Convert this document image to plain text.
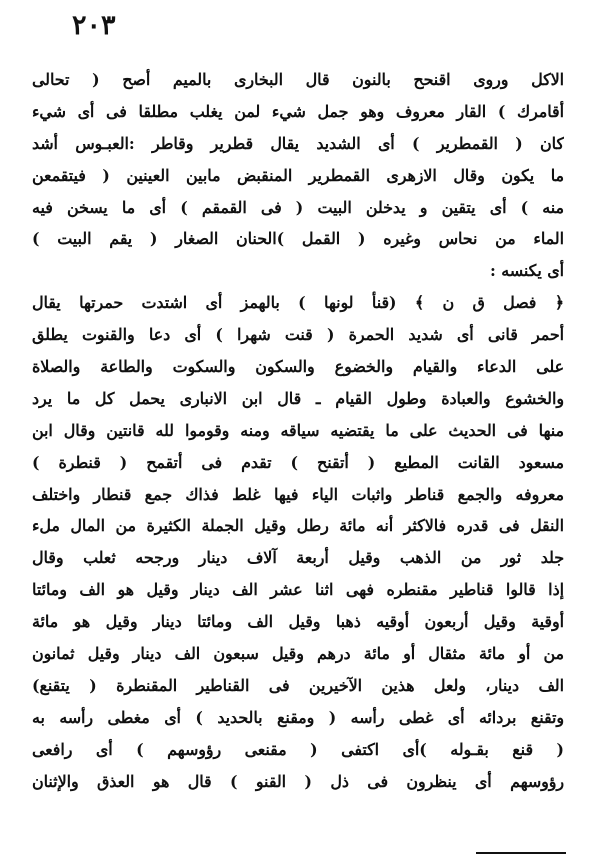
٢٠٣
الاكل وروى اقنحح بالنون قال البخارى بالميم أصح ( تحالى
أقامرك ) القار معروف وهو جمل شيء لمن يغلب مطلقا فى أى شيء
كان ( القمطرير ) أى الشديد يقال قطرير وقاطر :العبـوس أشد
ما يكون وقال الازهرى القمطرير المنقبض مابين العينين ( فيتقمعن
منه ) أى يتقين و يدخلن البيت ( فى القمقم ) أى ما يسخن فيه
الماء من نحاس وغيره ( القمل )الحنان الصغار ( يقم البيت )
أى يكنسه :
﴿ فصل ق ن ﴾ (قنأ لونها ) بالهمز أى اشتدت حمرتها يقال
أحمر قانى أى شديد الحمرة ( قنت شهرا ) أى دعا والقنوت يطلق
على الدعاء والقيام والخضوع والسكون والسكوت والطاعة والصلاة
والخشوع والعبادة وطول القيام ـ قال ابن الانبارى يحمل كل ما يرد
منها فى الحديث على ما يقتضيه سياقه ومنه وقوموا لله قانتين وقال ابن
مسعود القانت المطيع ( أتقنح ) تقدم فى أتقمح ( قنطرة )
معروفه والجمع قناطر واثبات الياء فيها غلط فذاك جمع قنطار واختلف
النقل فى قدره فالاكثر أنه مائة رطل وقيل الجملة الكثيرة من المال ملء
جلد ثور من الذهب وقيل أربعة آلاف دينار ورجحه ثعلب وقال
إذا قالوا قناطير مقنطره فهى اثنا عشر الف دينار وقيل هو الف ومائتا
أوقية وقيل أربعون أوقيه ذهبا وقيل الف ومائتا دينار وقيل هو مائة
من أو مائة مثقال أو مائة درهم وقيل سبعون الف دينار وقيل ثمانون
الف دينار، ولعل هذين الآخيرين فى القناطير المقنطرة ( يتقنع)
وتقنع بردائه أى غطى رأسه ( ومقنع بالحديد ) أى مغطى رأسه به
( قنع بقـوله )أى اكتفى ( مقنعى رؤوسهم ) أى رافعى
رؤوسهم أى ينظرون فى ذل ( القنو ) قال هو العذق والإثنان
